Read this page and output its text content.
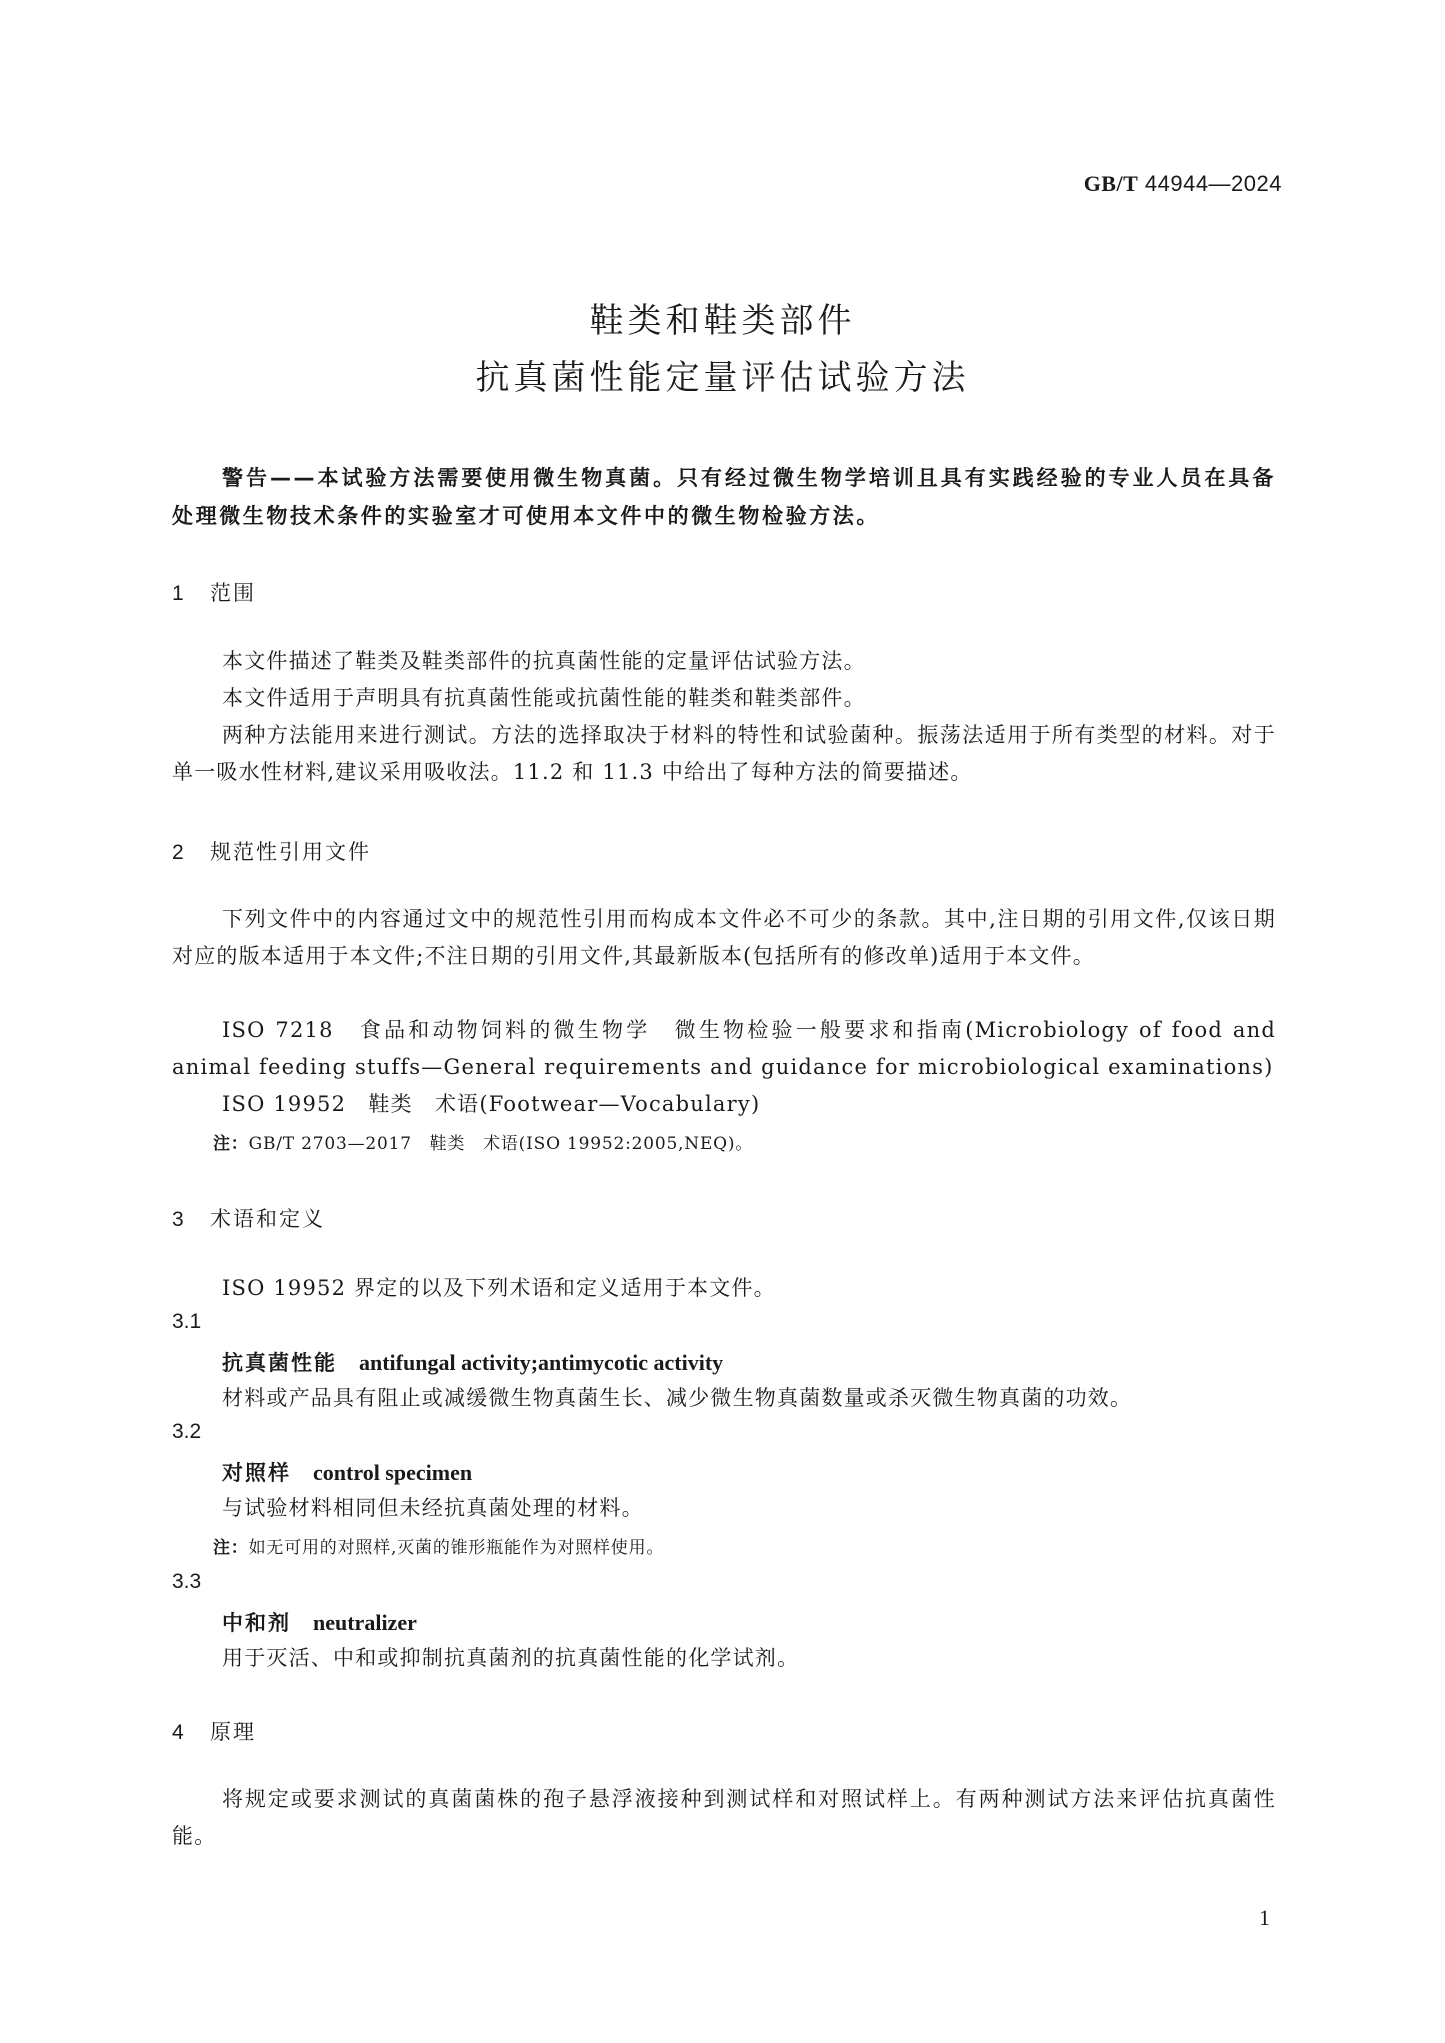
GB/T 44944—2024
鞋类和鞋类部件
抗真菌性能定量评估试验方法
警告——本试验方法需要使用微生物真菌。只有经过微生物学培训且具有实践经验的专业人员在具备处理微生物技术条件的实验室才可使用本文件中的微生物检验方法。
1 范围
本文件描述了鞋类及鞋类部件的抗真菌性能的定量评估试验方法。
本文件适用于声明具有抗真菌性能或抗菌性能的鞋类和鞋类部件。
两种方法能用来进行测试。方法的选择取决于材料的特性和试验菌种。振荡法适用于所有类型的材料。对于单一吸水性材料,建议采用吸收法。11.2 和 11.3 中给出了每种方法的简要描述。
2 规范性引用文件
下列文件中的内容通过文中的规范性引用而构成本文件必不可少的条款。其中,注日期的引用文件,仅该日期对应的版本适用于本文件;不注日期的引用文件,其最新版本(包括所有的修改单)适用于本文件。
ISO 7218　食品和动物饲料的微生物学　微生物检验一般要求和指南(Microbiology of food and animal feeding stuffs—General requirements and guidance for microbiological examinations)
ISO 19952　鞋类　术语(Footwear—Vocabulary)
注：GB/T 2703—2017　鞋类　术语(ISO 19952:2005,NEQ)。
3 术语和定义
ISO 19952 界定的以及下列术语和定义适用于本文件。
3.1
抗真菌性能 antifungal activity;antimycotic activity
材料或产品具有阻止或减缓微生物真菌生长、减少微生物真菌数量或杀灭微生物真菌的功效。
3.2
对照样 control specimen
与试验材料相同但未经抗真菌处理的材料。
注：如无可用的对照样,灭菌的锥形瓶能作为对照样使用。
3.3
中和剂 neutralizer
用于灭活、中和或抑制抗真菌剂的抗真菌性能的化学试剂。
4 原理
将规定或要求测试的真菌菌株的孢子悬浮液接种到测试样和对照试样上。有两种测试方法来评估抗真菌性能。
1
